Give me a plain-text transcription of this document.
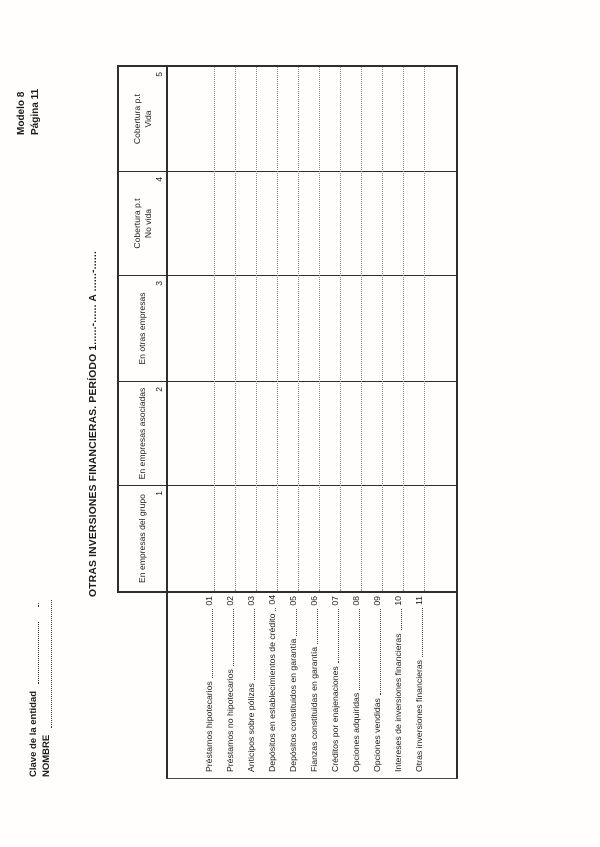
Clave de la entidad NOMBRE
Modelo 8 Página 11
OTRAS INVERSIONES FINANCIERAS. PERÍODO 1......-...... A ......-......
Préstamos hipotecarios
01
Préstamos no hipotecarios
02
Anticipos sobre pólizas
03
Depósitos en establecimientos de crédito
04
Depósitos constituidos en garantía
05
Fianzas constituidas en garantía
06
Créditos por enajenaciones
07
Opciones adquiridas
08
Opciones vendidas
09
Intereses de inversiones financieras
10
Otras inversiones financieras
11
En empresas del grupo
1
En empresas asociadas 2
En otras empresas
3
Cobertura p.t No vida
4
Cobertura p.t Vida
5
